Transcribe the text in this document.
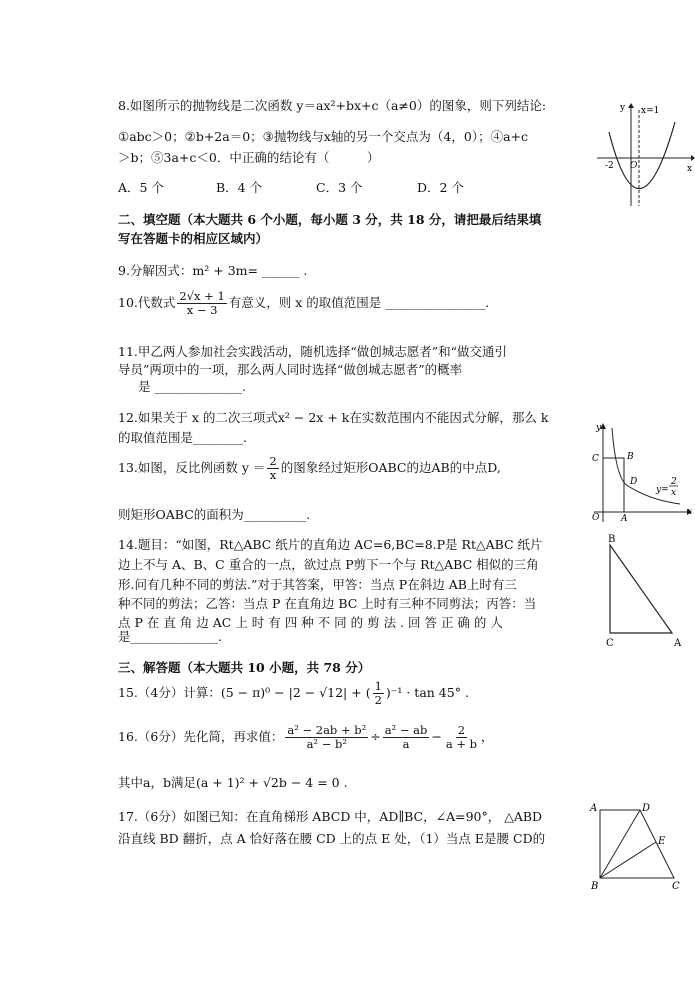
8.如图所示的抛物线是二次函数 y＝ax²+bx+c（a≠0）的图象，则下列结论:
①abc＞0；②b+2a＝0；③抛物线与x轴的另一个交点为（4，0）；④a+c
＞b；⑤3a+c＜0．中正确的结论有（　　　）
A．5 个	B．4 个	C．3 个	D．2 个
y x=1
x
-2 O
二、填空题（本大题共 6 个小题，每小题 3 分，共 18 分，请把最后结果填
写在答题卡的相应区域内）
9.分解因式：m² + 3m= ______ .
10.代数式 $\frac{2√x + 1}{x - 3}$ 有意义，则 x 的取值范围是 ________________.
11.甲乙两人参加社会实践活动，随机选择“做创城志愿者”和“做交通引
导员”两项中的一项，那么两人同时选择“做创城志愿者”的概率
是 ______________.
12.如果关于 x 的二次三项式x² − 2x + k在实数范围内不能因式分解，那么 k
的取值范围是________.
13.如图，反比例函数 $y = \frac{2}{x}$ 的图象经过矩形OABC的边AB的中点D,
则矩形OABC的面积为__________.
y
x
C	B
D
O A
y=
2
x
14.题目：“如图，Rt△ABC 纸片的直角边 AC=6,BC=8.P是 Rt△ABC 纸片
边上不与 A、B、C 重合的一点，欲过点 P剪下一个与 Rt△ABC 相似的三角
形.问有几种不同的剪法.”对于其答案，甲答：当点 P在斜边 AB上时有三
种不同的剪法；乙答：当点 P 在直角边 BC 上时有三种不同剪法；丙答：当
点 P 在 直 角 边 AC 上 时 有 四 种 不 同 的 剪 法 . 回 答 正 确 的 人
是______________.
B
C	A
三、解答题（本大题共 10 小题，共 78 分）
15.（4分）计算：(5 − π)⁰ − |2 − √12| + ( $\frac{1}{2} )^{-1} \cdot \tan 45^\circ$ .
16.（6分）先化简，再求值： $\frac{\text{a² − 2ab + b²}}{\text{a² − b²}} \div \frac{\text{a² − ab}}{a} - \frac{2}{a + b}$ ，
其中a，b满足(a + 1)² + √2b − 4 = 0 .
17.（6分）如图已知：在直角梯形 ABCD 中，AD∥BC，∠A=90°， △ABD
沿直线 BD 翻折，点 A 恰好落在腰 CD 上的点 E 处，（1）当点 E是腰 CD的
A	D
E
B	C
